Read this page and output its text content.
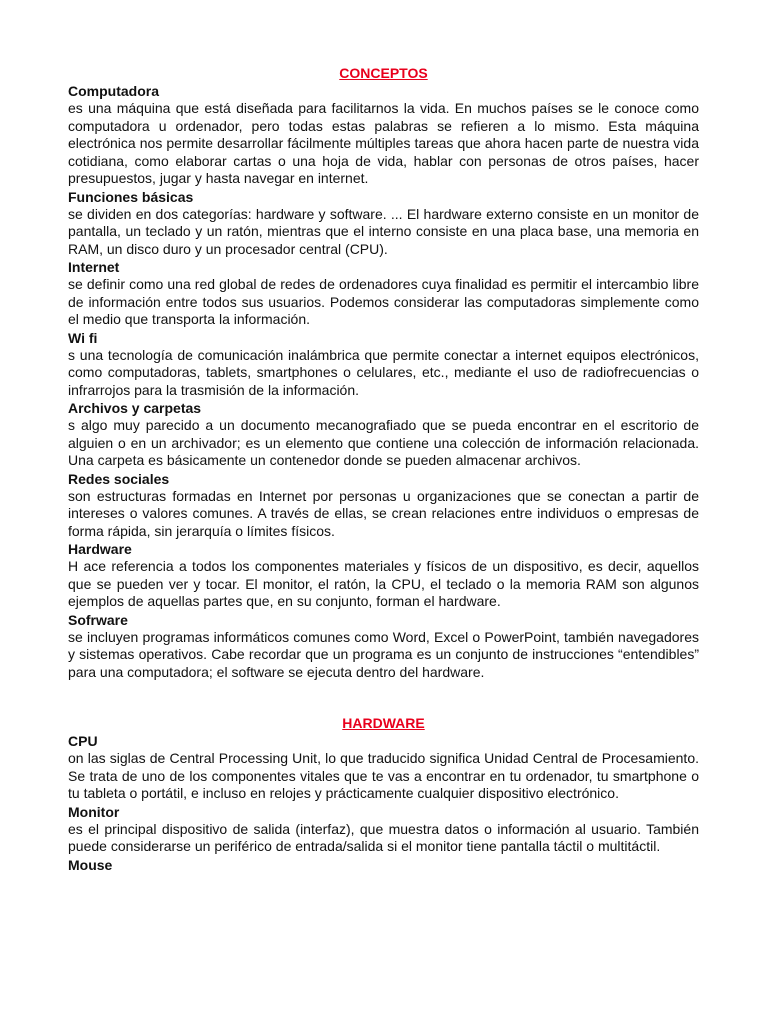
CONCEPTOS
Computadora
es una máquina que está diseñada para facilitarnos la vida. En muchos países se le conoce como computadora u ordenador, pero todas estas palabras se refieren a lo mismo. Esta máquina electrónica nos permite desarrollar fácilmente múltiples tareas que ahora hacen parte de nuestra vida cotidiana, como elaborar cartas o una hoja de vida, hablar con personas de otros países, hacer presupuestos, jugar y hasta navegar en internet.
Funciones básicas
se dividen en dos categorías: hardware y software. ... El hardware externo consiste en un monitor de pantalla, un teclado y un ratón, mientras que el interno consiste en una placa base, una memoria en RAM, un disco duro y un procesador central (CPU).
Internet
se definir como una red global de redes de ordenadores cuya finalidad es permitir el intercambio libre de información entre todos sus usuarios. Podemos considerar las computadoras simplemente como el medio que transporta la información.
Wi fi
s una tecnología de comunicación inalámbrica que permite conectar a internet equipos electrónicos, como computadoras, tablets, smartphones o celulares, etc., mediante el uso de radiofrecuencias o infrarrojos para la trasmisión de la información.
Archivos y carpetas
s algo muy parecido a un documento mecanografiado que se pueda encontrar en el escritorio de alguien o en un archivador; es un elemento que contiene una colección de información relacionada. Una carpeta es básicamente un contenedor donde se pueden almacenar archivos.
Redes sociales
son estructuras formadas en Internet por personas u organizaciones que se conectan a partir de intereses o valores comunes. A través de ellas, se crean relaciones entre individuos o empresas de forma rápida, sin jerarquía o límites físicos.
Hardware
H ace referencia a todos los componentes materiales y físicos de un dispositivo, es decir, aquellos que se pueden ver y tocar. El monitor, el ratón, la CPU, el teclado o la memoria RAM son algunos ejemplos de aquellas partes que, en su conjunto, forman el hardware.
Sofrware
se incluyen programas informáticos comunes como Word, Excel o PowerPoint, también navegadores y sistemas operativos. Cabe recordar que un programa es un conjunto de instrucciones “entendibles” para una computadora; el software se ejecuta dentro del hardware.
HARDWARE
CPU
on las siglas de Central Processing Unit, lo que traducido significa Unidad Central de Procesamiento. Se trata de uno de los componentes vitales que te vas a encontrar en tu ordenador, tu smartphone o tu tableta o portátil, e incluso en relojes y prácticamente cualquier dispositivo electrónico.
Monitor
es el principal dispositivo de salida (interfaz), que muestra datos o información al usuario. También puede considerarse un periférico de entrada/salida si el monitor tiene pantalla táctil o multitáctil.
Mouse
